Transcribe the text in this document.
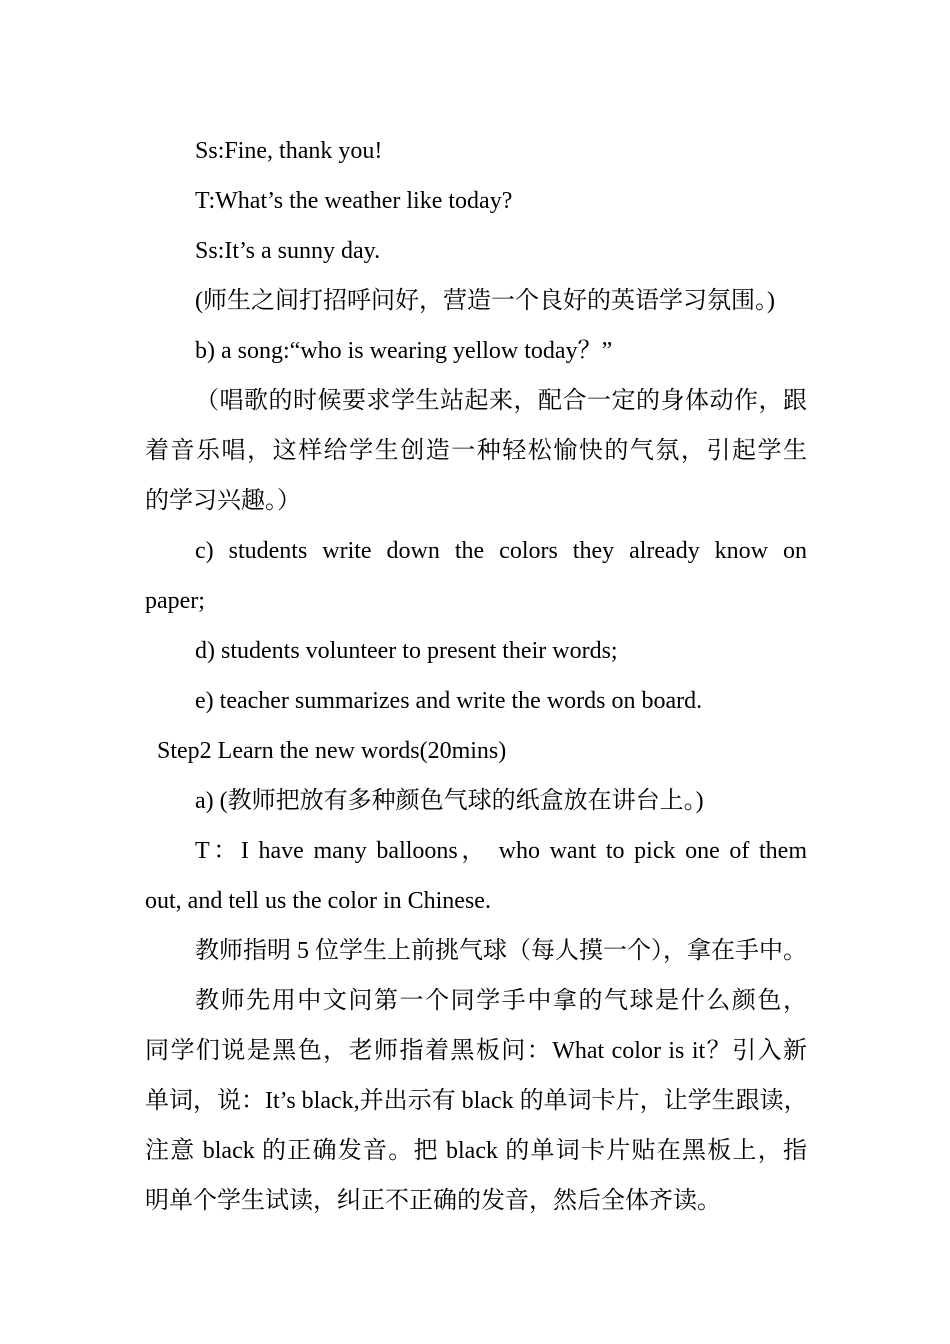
Ss:Fine, thank you!

T:What’s the weather like today?

Ss:It’s a sunny day.

(师生之间打招呼问好，营造一个良好的英语学习氛围。)

b) a song:“who is wearing yellow today？”

（唱歌的时候要求学生站起来，配合一定的身体动作，跟

着音乐唱，这样给学生创造一种轻松愉快的气氛，引起学生

的学习兴趣。）

c) students write down the colors they already know on

paper;

d) students volunteer to present their words;

e) teacher summarizes and write the words on board.

Step2 Learn the new words(20mins)

a) (教师把放有多种颜色气球的纸盒放在讲台上。)

T：I have many balloons， who want to pick one of them

out, and tell us the color in Chinese.

教师指明 5 位学生上前挑气球（每人摸一个），拿在手中。

教师先用中文问第一个同学手中拿的气球是什么颜色，

同学们说是黑色，老师指着黑板问：What color is it？引入新

单词，说：It’s black,并出示有 black 的单词卡片，让学生跟读，

注意 black 的正确发音。把 black 的单词卡片贴在黑板上，指

明单个学生试读，纠正不正确的发音，然后全体齐读。
